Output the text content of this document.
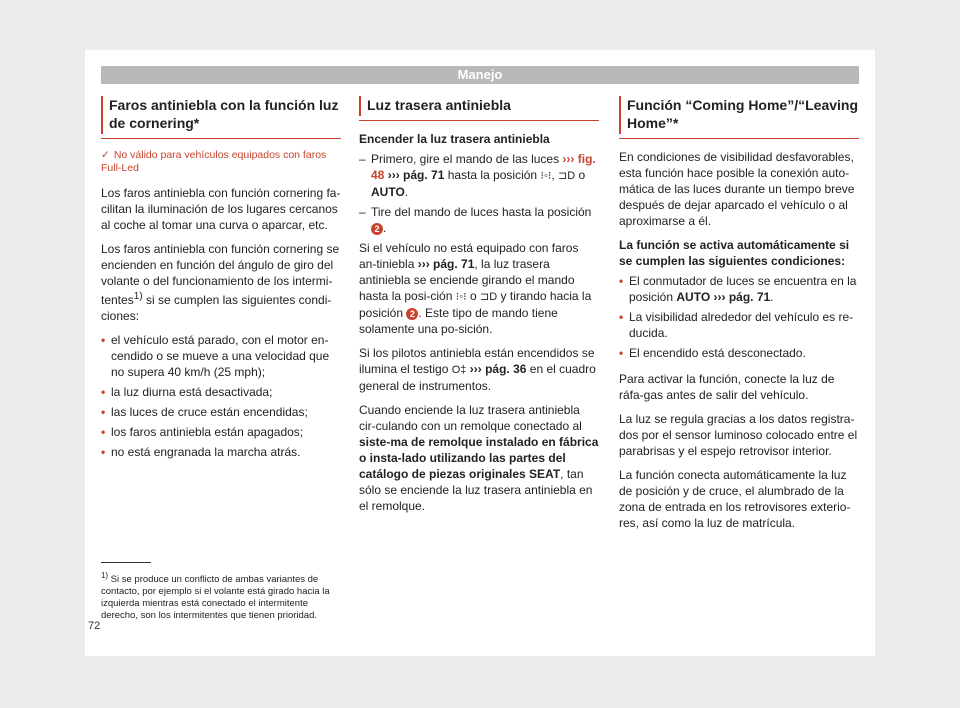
Manejo
Faros antiniebla con la función luz de cornering*
✓ No válido para vehículos equipados con faros Full-Led

Los faros antiniebla con función cornering fa-cilitan la iluminación de los lugares cercanos al coche al tomar una curva o aparcar, etc.

Los faros antiniebla con función cornering se encienden en función del ángulo de giro del volante o del funcionamiento de los intermi-tentes$^{1)}$ si se cumplen las siguientes condi-ciones:

• el vehículo está parado, con el motor en-cendido o se mueve a una velocidad que no supera 40 km/h (25 mph);
• la luz diurna está desactivada;
• las luces de cruce están encendidas;
• los faros antiniebla están apagados;
• no está engranada la marcha atrás.
Luz trasera antiniebla
Encender la luz trasera antiniebla
– Primero, gire el mando de las luces ››› fig. 48 ››› pág. 71 hasta la posición ⁝◦⁝, ⊐D o AUTO.
– Tire del mando de luces hasta la posición 2 .

Si el vehículo no está equipado con faros an-tiniebla ››› pág. 71, la luz trasera antiniebla se enciende girando el mando hasta la posi-ción ⁝◦⁝ o ⊐D y tirando hacia la posición 2 . Este tipo de mando tiene solamente una po-sición.

Si los pilotos antiniebla están encendidos se ilumina el testigo O‡ ››› pág. 36 en el cuadro general de instrumentos.

Cuando enciende la luz trasera antiniebla cir-culando con un remolque conectado al siste-ma de remolque instalado en fábrica o insta-lado utilizando las partes del catálogo de piezas originales SEAT, tan sólo se enciende la luz trasera antiniebla en el remolque.

Función “Coming Home”/“Leaving Home”*

En condiciones de visibilidad desfavorables, esta función hace posible la conexión auto-mática de las luces durante un tiempo breve después de dejar aparcado el vehículo o al aproximarse a él.

La función se activa automáticamente si se cumplen las siguientes condiciones:
• El conmutador de luces se encuentra en la posición AUTO ››› pág. 71.
• La visibilidad alrededor del vehículo es re-ducida.
• El encendido está desconectado.

Para activar la función, conecte la luz de ráfa-gas antes de salir del vehículo.

La luz se regula gracias a los datos registra-dos por el sensor luminoso colocado entre el parabrisas y el espejo retrovisor interior.

La función conecta automáticamente la luz de posición y de cruce, el alumbrado de la zona de entrada en los retrovisores exterio-res, así como la luz de matrícula.

$^{1)}$ Si se produce un conflicto de ambas variantes de contacto, por ejemplo si el volante está girado hacia la izquierda mientras está conectado el intermitente derecho, son los intermitentes que tienen prioridad.
72
